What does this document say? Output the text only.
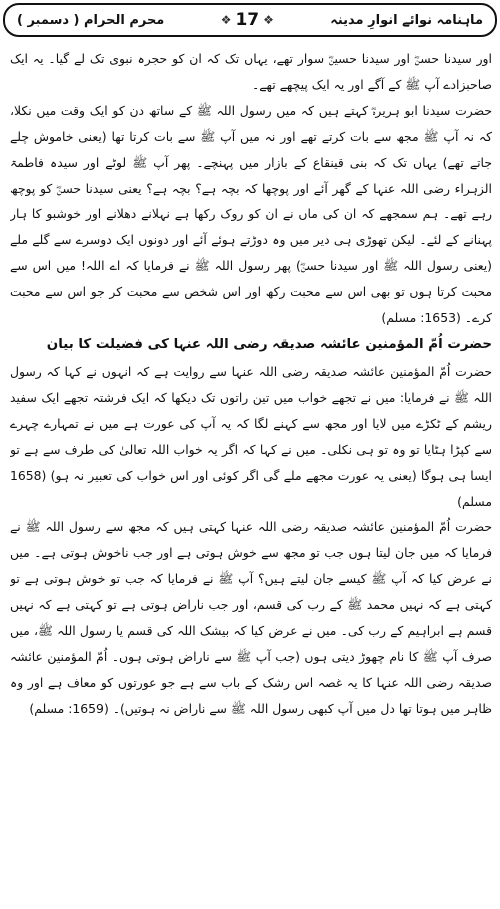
ماہنامہ نوائے انوارِ مدینہ
❖ 17 ❖
محرم الحرام ( دسمبر )

اور سیدنا حسنؓ اور سیدنا حسینؓ سوار تھے، یہاں تک کہ ان کو حجرہ نبوی تک لے گیا۔ یہ ایک صاحبزادے آپ ﷺ کے آگے اور یہ ایک پیچھے تھے۔

حضرت سیدنا ابو ہریرہؓ کہتے ہیں کہ میں رسول اللہ ﷺ کے ساتھ دن کو ایک وقت میں نکلا، کہ نہ آپ ﷺ مجھ سے بات کرتے تھے اور نہ میں آپ ﷺ سے بات کرتا تھا (یعنی خاموش چلے جاتے تھے) یہاں تک کہ بنی قینقاع کے بازار میں پہنچے۔ پھر آپ ﷺ لوٹے اور سیدہ فاطمۃ الزہراء رضی اللہ عنہا کے گھر آئے اور پوچھا کہ بچہ ہے؟ بچہ ہے؟ یعنی سیدنا حسنؓ کو پوچھ رہے تھے۔ ہم سمجھے کہ ان کی ماں نے ان کو روک رکھا ہے نہلانے دھلانے اور خوشبو کا ہار پہنانے کے لئے۔ لیکن تھوڑی ہی دیر میں وہ دوڑتے ہوئے آئے اور دونوں ایک دوسرے سے گلے ملے (یعنی رسول اللہ ﷺ اور سیدنا حسنؓ) پھر رسول اللہ ﷺ نے فرمایا کہ اے اللہ! میں اس سے محبت کرتا ہوں تو بھی اس سے محبت رکھ اور اس شخص سے محبت کر جو اس سے محبت کرے۔ (1653: مسلم)

حضرت اُمّ المؤمنین عائشہ صدیقہ رضی اللہ عنہا کی فضیلت کا بیان

حضرت اُمّ المؤمنین عائشہ صدیقہ رضی اللہ عنہا سے روایت ہے کہ انہوں نے کہا کہ رسول اللہ ﷺ نے فرمایا: میں نے تجھے خواب میں تین راتوں تک دیکھا کہ ایک فرشتہ تجھے ایک سفید ریشم کے ٹکڑے میں لایا اور مجھ سے کہنے لگا کہ یہ آپ کی عورت ہے میں نے تمہارے چہرے سے کپڑا ہٹایا تو وہ تو ہی نکلی۔ میں نے کہا کہ اگر یہ خواب اللہ تعالیٰ کی طرف سے ہے تو ایسا ہی ہوگا (یعنی یہ عورت مجھے ملے گی اگر کوئی اور اس خواب کی تعبیر نہ ہو) (1658 مسلم)

حضرت اُمّ المؤمنین عائشہ صدیقہ رضی اللہ عنہا کہتی ہیں کہ مجھ سے رسول اللہ ﷺ نے فرمایا کہ میں جان لیتا ہوں جب تو مجھ سے خوش ہوتی ہے اور جب ناخوش ہوتی ہے۔ میں نے عرض کیا کہ آپ ﷺ کیسے جان لیتے ہیں؟ آپ ﷺ نے فرمایا کہ جب تو خوش ہوتی ہے تو کہتی ہے کہ نہیں محمد ﷺ کے رب کی قسم، اور جب ناراض ہوتی ہے تو کہتی ہے کہ نہیں قسم ہے ابراہیم کے رب کی۔ میں نے عرض کیا کہ بیشک اللہ کی قسم یا رسول اللہ ﷺ، میں صرف آپ ﷺ کا نام چھوڑ دیتی ہوں (جب آپ ﷺ سے ناراض ہوتی ہوں۔ اُمّ المؤمنین عائشہ صدیقہ رضی اللہ عنہا کا یہ غصہ اس رشک کے باب سے ہے جو عورتوں کو معاف ہے اور وہ ظاہر میں ہوتا تھا دل میں آپ کبھی رسول اللہ ﷺ سے ناراض نہ ہوتیں)۔ (1659: مسلم)
